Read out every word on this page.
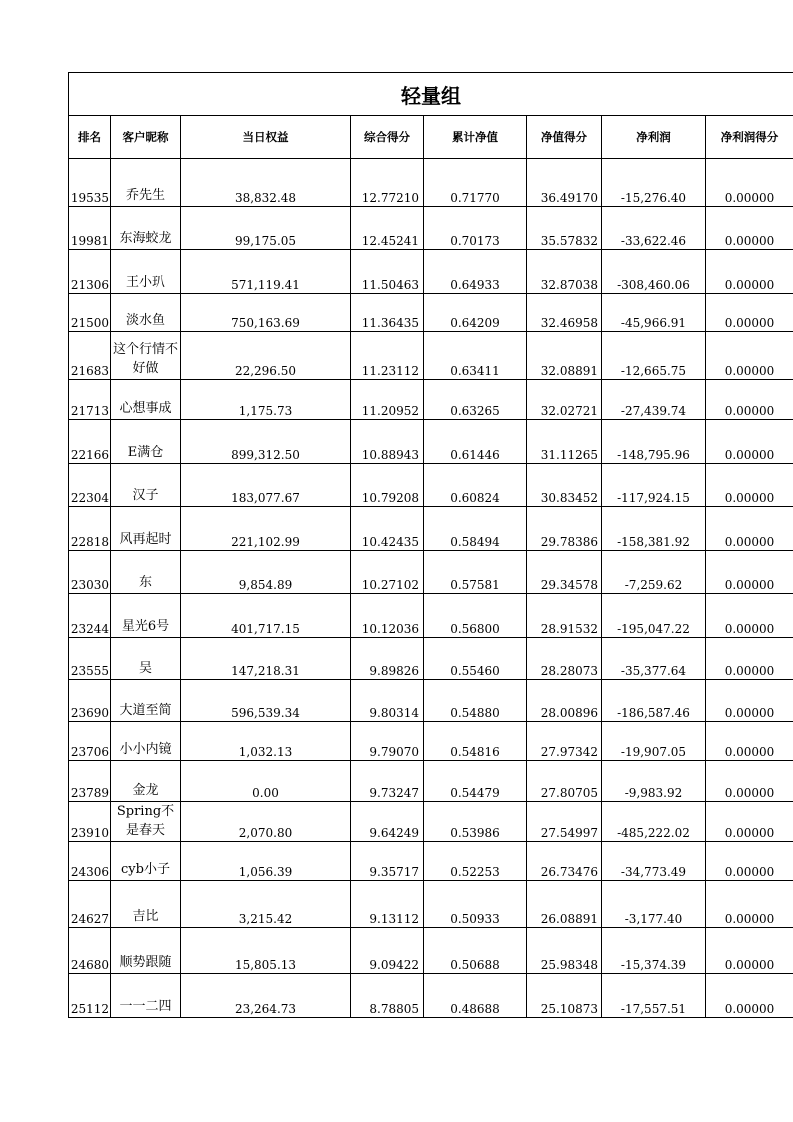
轻量组							
排名	客户昵称	当日权益	综合得分	累计净值	净值得分	净利润	净利润得分
19535	乔先生	38,832.48	12.77210	0.71770	36.49170	-15,276.40	0.00000
19981	东海蛟龙	99,175.05	12.45241	0.70173	35.57832	-33,622.46	0.00000
21306	王小玐	571,119.41	11.50463	0.64933	32.87038	-308,460.06	0.00000
21500	淡水鱼	750,163.69	11.36435	0.64209	32.46958	-45,966.91	0.00000
21683	这个行情不好做	22,296.50	11.23112	0.63411	32.08891	-12,665.75	0.00000
21713	心想事成	1,175.73	11.20952	0.63265	32.02721	-27,439.74	0.00000
22166	E满仓	899,312.50	10.88943	0.61446	31.11265	-148,795.96	0.00000
22304	汉子	183,077.67	10.79208	0.60824	30.83452	-117,924.15	0.00000
22818	风再起时	221,102.99	10.42435	0.58494	29.78386	-158,381.92	0.00000
23030	东	9,854.89	10.27102	0.57581	29.34578	-7,259.62	0.00000
23244	星光6号	401,717.15	10.12036	0.56800	28.91532	-195,047.22	0.00000
23555	吴	147,218.31	9.89826	0.55460	28.28073	-35,377.64	0.00000
23690	大道至简	596,539.34	9.80314	0.54880	28.00896	-186,587.46	0.00000
23706	小小内镜	1,032.13	9.79070	0.54816	27.97342	-19,907.05	0.00000
23789	金龙	0.00	9.73247	0.54479	27.80705	-9,983.92	0.00000
23910	Spring不是春天	2,070.80	9.64249	0.53986	27.54997	-485,222.02	0.00000
24306	cyb小子	1,056.39	9.35717	0.52253	26.73476	-34,773.49	0.00000
24627	吉比	3,215.42	9.13112	0.50933	26.08891	-3,177.40	0.00000
24680	顺势跟随	15,805.13	9.09422	0.50688	25.98348	-15,374.39	0.00000
25112	一一二四	23,264.73	8.78805	0.48688	25.10873	-17,557.51	0.00000
